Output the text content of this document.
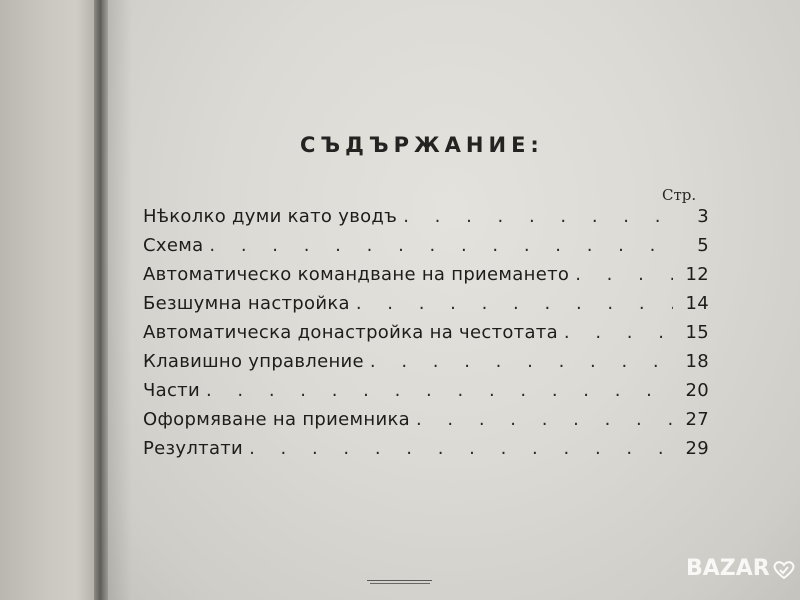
СЪДЪРЖАНИЕ:
Стр.
Нѣколко думи като уводъ . . .	3
Схема . . .	5
Автоматическо командване на приемането . . .	12
Безшумна настройка . . .	14
Автоматическа донастройка на честотата . . .	15
Клавишно управление . . .	18
Части . . .	20
Оформяване на приемника . . .	27
Резултати . . .	29
BAZAR
